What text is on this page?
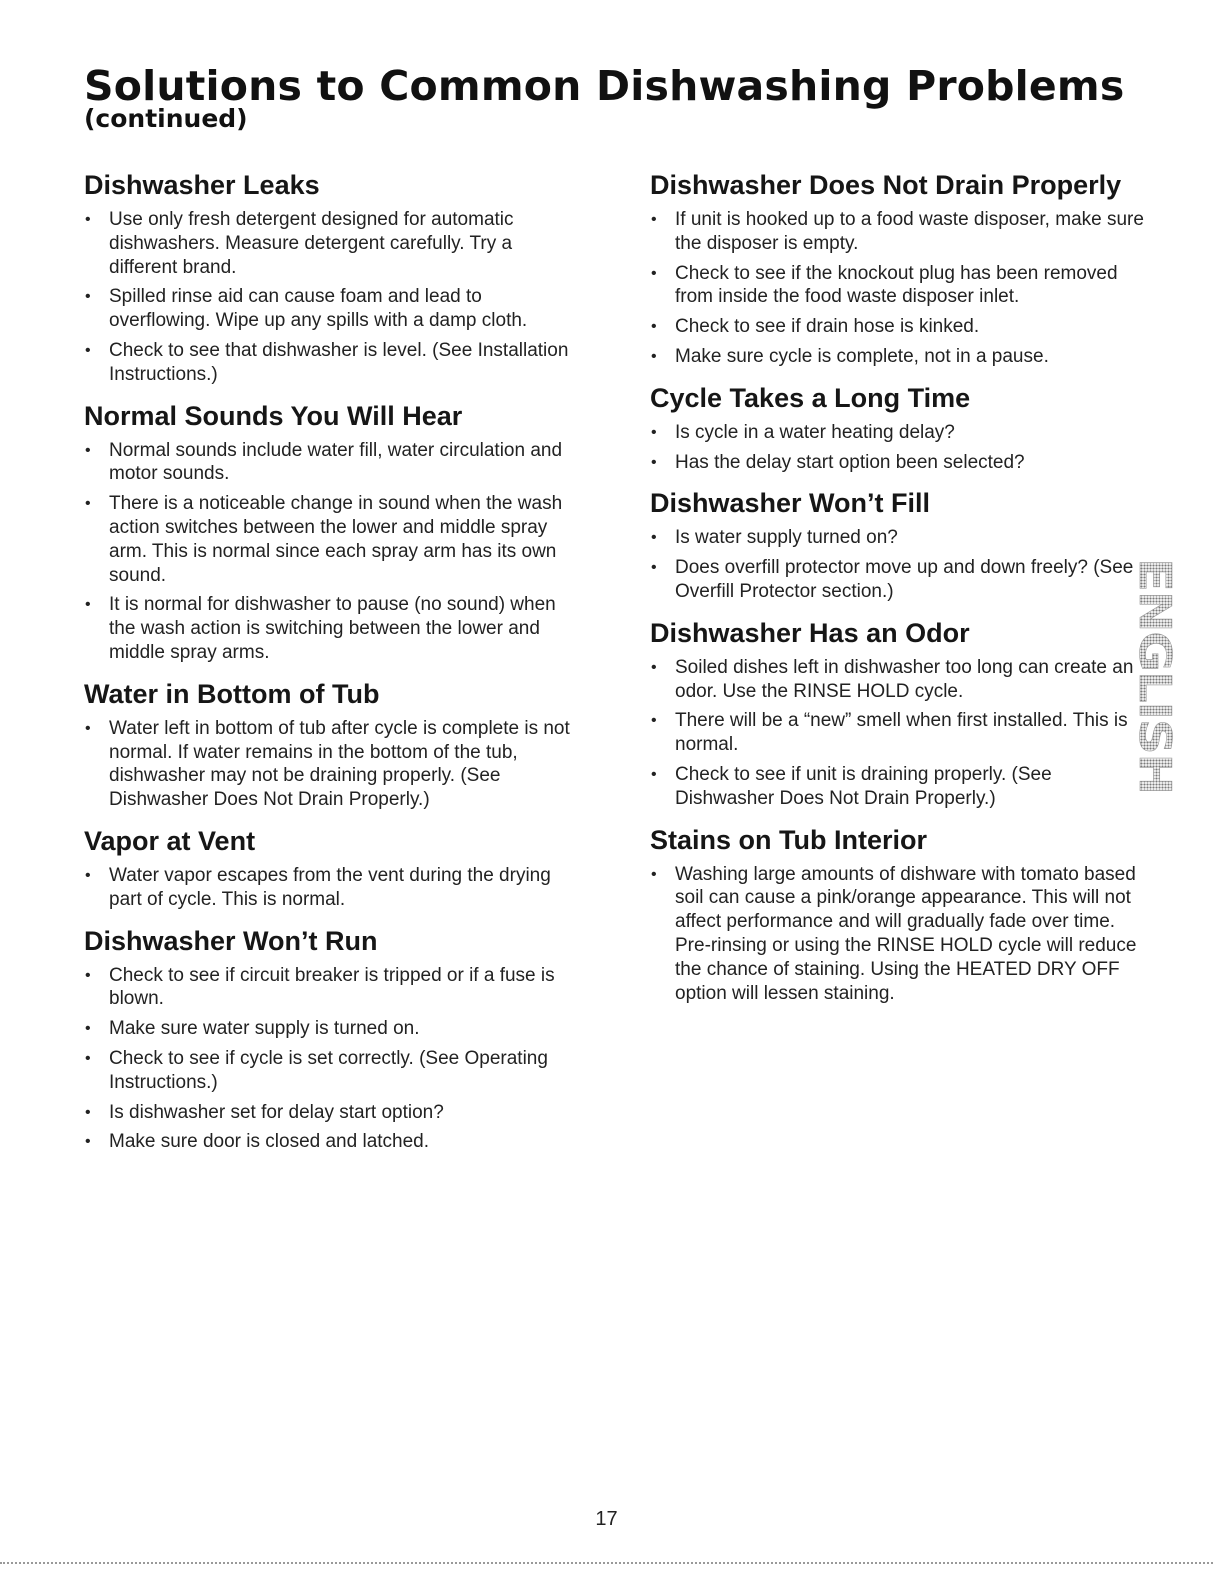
Solutions to Common Dishwashing Problems
(continued)
Dishwasher Leaks
• Use only fresh detergent designed for automatic dishwashers. Measure detergent carefully. Try a different brand.
• Spilled rinse aid can cause foam and lead to overflowing. Wipe up any spills with a damp cloth.
• Check to see that dishwasher is level. (See Installation Instructions.)
Normal Sounds You Will Hear
• Normal sounds include water fill, water circulation and motor sounds.
• There is a noticeable change in sound when the wash action switches between the lower and middle spray arm. This is normal since each spray arm has its own sound.
• It is normal for dishwasher to pause (no sound) when the wash action is switching between the lower and middle spray arms.
Water in Bottom of Tub
• Water left in bottom of tub after cycle is complete is not normal. If water remains in the bottom of the tub, dishwasher may not be draining properly. (See Dishwasher Does Not Drain Properly.)
Vapor at Vent
• Water vapor escapes from the vent during the drying part of cycle. This is normal.
Dishwasher Won’t Run
• Check to see if circuit breaker is tripped or if a fuse is blown.
• Make sure water supply is turned on.
• Check to see if cycle is set correctly. (See Operating Instructions.)
• Is dishwasher set for delay start option?
• Make sure door is closed and latched.
Dishwasher Does Not Drain Properly
• If unit is hooked up to a food waste disposer, make sure the disposer is empty.
• Check to see if the knockout plug has been removed from inside the food waste disposer inlet.
• Check to see if drain hose is kinked.
• Make sure cycle is complete, not in a pause.
Cycle Takes a Long Time
• Is cycle in a water heating delay?
• Has the delay start option been selected?
Dishwasher Won’t Fill
• Is water supply turned on?
• Does overfill protector move up and down freely? (See Overfill Protector section.)
Dishwasher Has an Odor
• Soiled dishes left in dishwasher too long can create an odor. Use the RINSE HOLD cycle.
• There will be a “new” smell when first installed. This is normal.
• Check to see if unit is draining properly. (See Dishwasher Does Not Drain Properly.)
Stains on Tub Interior
• Washing large amounts of dishware with tomato based soil can cause a pink/orange appearance. This will not affect performance and will gradually fade over time. Pre-rinsing or using the RINSE HOLD cycle will reduce the chance of staining. Using the HEATED DRY OFF option will lessen staining.
ENGLISH
17
